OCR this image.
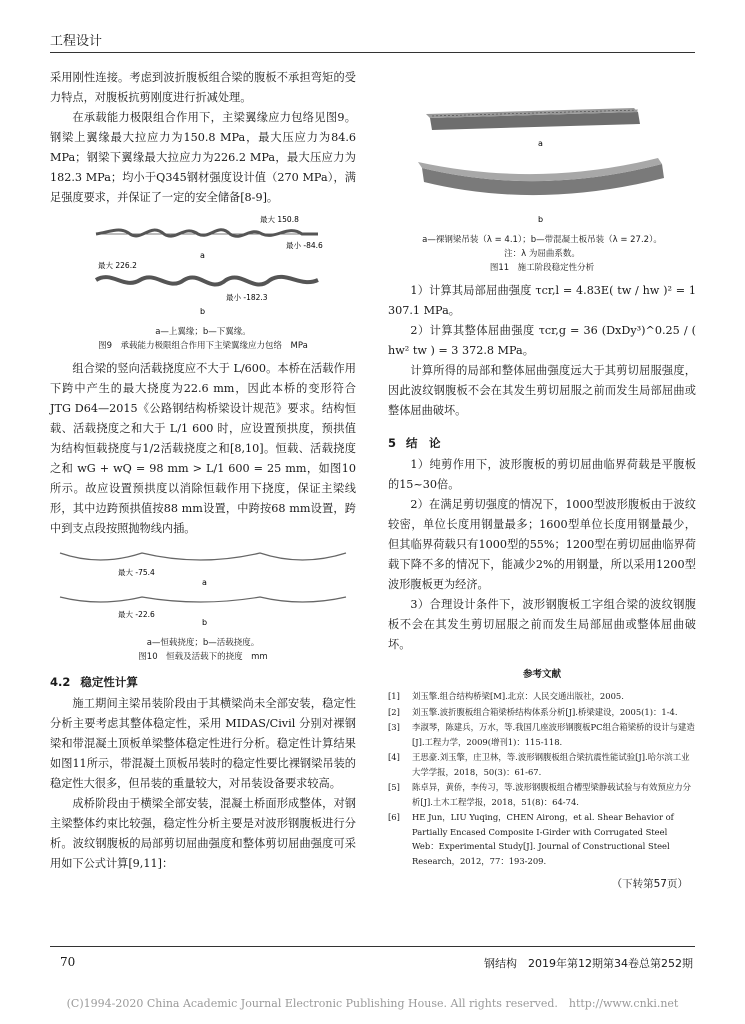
工程设计

采用刚性连接。考虑到波折腹板组合梁的腹板不承担弯矩的受力特点，对腹板抗剪刚度进行折减处理。

在承载能力极限组合作用下，主梁翼缘应力包络见图9。钢梁上翼缘最大拉应力为150.8 MPa，最大压应力为84.6 MPa；钢梁下翼缘最大拉应力为226.2 MPa，最大压应力为182.3 MPa；均小于Q345钢材强度设计值（270 MPa），满足强度要求，并保证了一定的安全储备[8-9]。

最大 150.8
最小 -84.6
a
最大 226.2
最小 -182.3
b
a—上翼缘；b—下翼缘。
图9　承载能力极限组合作用下主梁翼缘应力包络　MPa

组合梁的竖向活载挠度应不大于 L/600。本桥在活载作用下跨中产生的最大挠度为22.6 mm，因此本桥的变形符合 JTG D64—2015《公路钢结构桥梁设计规范》要求。结构恒载、活载挠度之和大于 L/1 600 时，应设置预拱度，预拱值为结构恒载挠度与1/2活载挠度之和[8,10]。恒载、活载挠度之和 wG + wQ = 98 mm > L/1 600 = 25 mm，如图10所示。故应设置预拱度以消除恒载作用下挠度，保证主梁线形，其中边跨预拱值按88 mm设置，中跨按68 mm设置，跨中到支点段按照抛物线内插。

最大 -75.4
a
最大 -22.6
b
a—恒载挠度；b—活载挠度。
图10　恒载及活载下的挠度　mm
4.2 稳定性计算

施工期间主梁吊装阶段由于其横梁尚未全部安装，稳定性分析主要考虑其整体稳定性，采用 MIDAS/Civil 分别对裸钢梁和带混凝土顶板单梁整体稳定性进行分析。稳定性计算结果如图11所示，带混凝土顶板吊装时的稳定性要比裸钢梁吊装的稳定性大很多，但吊装的重量较大，对吊装设备要求较高。

成桥阶段由于横梁全部安装，混凝土桥面形成整体，对钢主梁整体约束比较强，稳定性分析主要是对波形钢腹板进行分析。波纹钢腹板的局部剪切屈曲强度和整体剪切屈曲强度可采用如下公式计算[9,11]：

a
b
a—裸钢梁吊装（λ = 4.1）；b—带混凝土板吊装（λ = 27.2）。
注：λ 为屈曲系数。
图11　施工阶段稳定性分析

1）计算其局部屈曲强度 τcr,l = 4.83E( tw / hw )² = 1 307.1 MPa。

2）计算其整体屈曲强度 τcr,g = 36 (DxDy³)^0.25 / ( hw² tw ) = 3 372.8 MPa。

计算所得的局部和整体屈曲强度远大于其剪切屈服强度，因此波纹钢腹板不会在其发生剪切屈服之前而发生局部屈曲或整体屈曲破坏。

5 结　论

1）纯剪作用下，波形腹板的剪切屈曲临界荷载是平腹板的15~30倍。

2）在满足剪切强度的情况下，1000型波形腹板由于波纹较密，单位长度用钢量最多；1600型单位长度用钢量最少，但其临界荷载只有1000型的55%；1200型在剪切屈曲临界荷载下降不多的情况下，能减少2%的用钢量，所以采用1200型波形腹板更为经济。

3）合理设计条件下，波形钢腹板工字组合梁的波纹钢腹板不会在其发生剪切屈服之前而发生局部屈曲或整体屈曲破坏。

参考文献
[1]	刘玉擎.组合结构桥梁[M].北京：人民交通出版社，2005.
[2]	刘玉擎.波折腹板组合箱梁桥结构体系分析[J].桥梁建设，2005(1)：1-4.
[3]	李淑琴，陈建兵，万水，等.我国几座波形钢腹板PC组合箱梁桥的设计与建造[J].工程力学，2009(增刊1)：115-118.
[4]	王思豪.刘玉擎，庄卫林，等.波形钢腹板组合梁抗震性能试验[J].哈尔滨工业大学学报，2018，50(3)：61-67.
[5]	陈卓异，黄侨，李传习，等.波形钢腹板组合槽型梁静载试验与有效预应力分析[J].土木工程学报，2018，51(8)：64-74.
[6]	HE Jun，LIU Yuqing，CHEN Airong，et al. Shear Behavior of Partially Encased Composite I-Girder with Corrugated Steel Web：Experimental Study[J]. Journal of Constructional Steel Research，2012，77：193-209.
（下转第57页）
70	钢结构　2019年第12期第34卷总第252期
(C)1994-2020 China Academic Journal Electronic Publishing House. All rights reserved.　http://www.cnki.net
